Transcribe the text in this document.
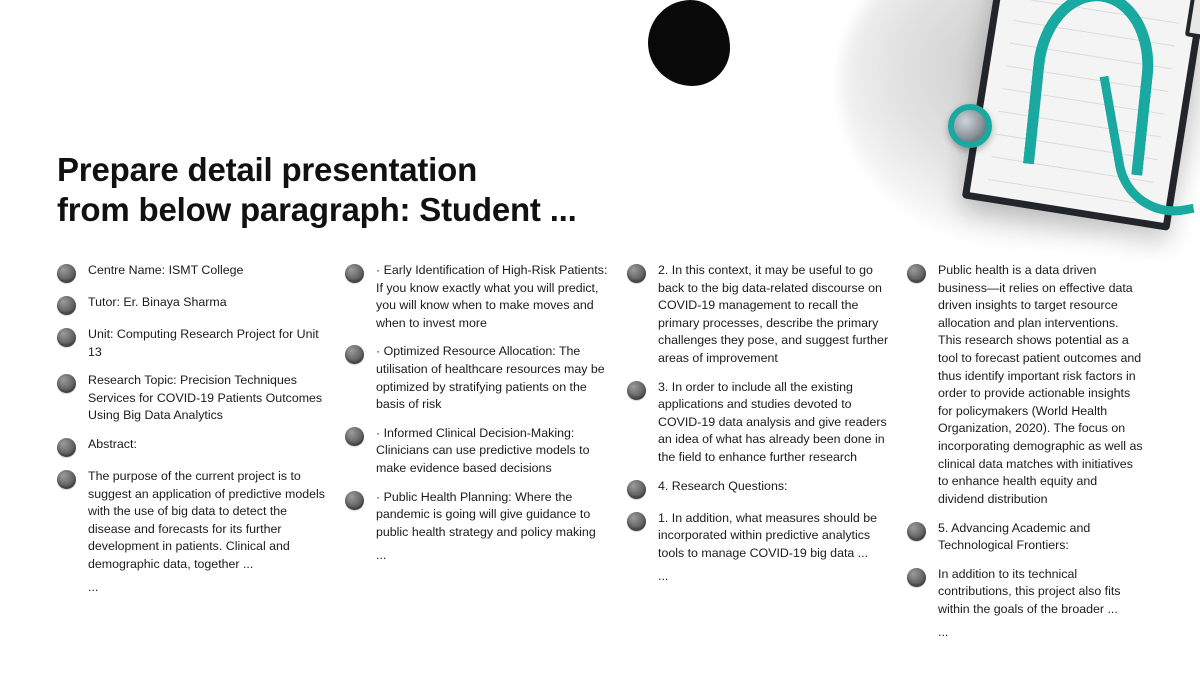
Prepare detail presentation
from below paragraph: Student ...
Centre Name: ISMT College
Tutor: Er. Binaya Sharma
Unit: Computing Research Project for Unit 13
Research Topic: Precision Techniques Services for COVID-19 Patients Outcomes Using Big Data Analytics
Abstract:
The purpose of the current project is to suggest an application of predictive models with the use of big data to detect the disease and forecasts for its further development in patients. Clinical and demographic data, together ...
...
· Early Identification of High-Risk Patients: If you know exactly what you will predict, you will know when to make moves and when to invest more
· Optimized Resource Allocation: The utilisation of healthcare resources may be optimized by stratifying patients on the basis of risk
· Informed Clinical Decision-Making: Clinicians can use predictive models to make evidence based decisions
· Public Health Planning: Where the pandemic is going will give guidance to public health strategy and policy making
...
2. In this context, it may be useful to go back to the big data-related discourse on COVID-19 management to recall the primary processes, describe the primary challenges they pose, and suggest further areas of improvement
3. In order to include all the existing applications and studies devoted to COVID-19 data analysis and give readers an idea of what has already been done in the field to enhance further research
4. Research Questions:
1. In addition, what measures should be incorporated within predictive analytics tools to manage COVID-19 big data ...
...
Public health is a data driven business—it relies on effective data driven insights to target resource allocation and plan interventions. This research shows potential as a tool to forecast patient outcomes and thus identify important risk factors in order to provide actionable insights for policymakers (World Health Organization, 2020). The focus on incorporating demographic as well as clinical data matches with initiatives to enhance health equity and dividend distribution
5. Advancing Academic and Technological Frontiers:
In addition to its technical contributions, this project also fits within the goals of the broader ...
...
